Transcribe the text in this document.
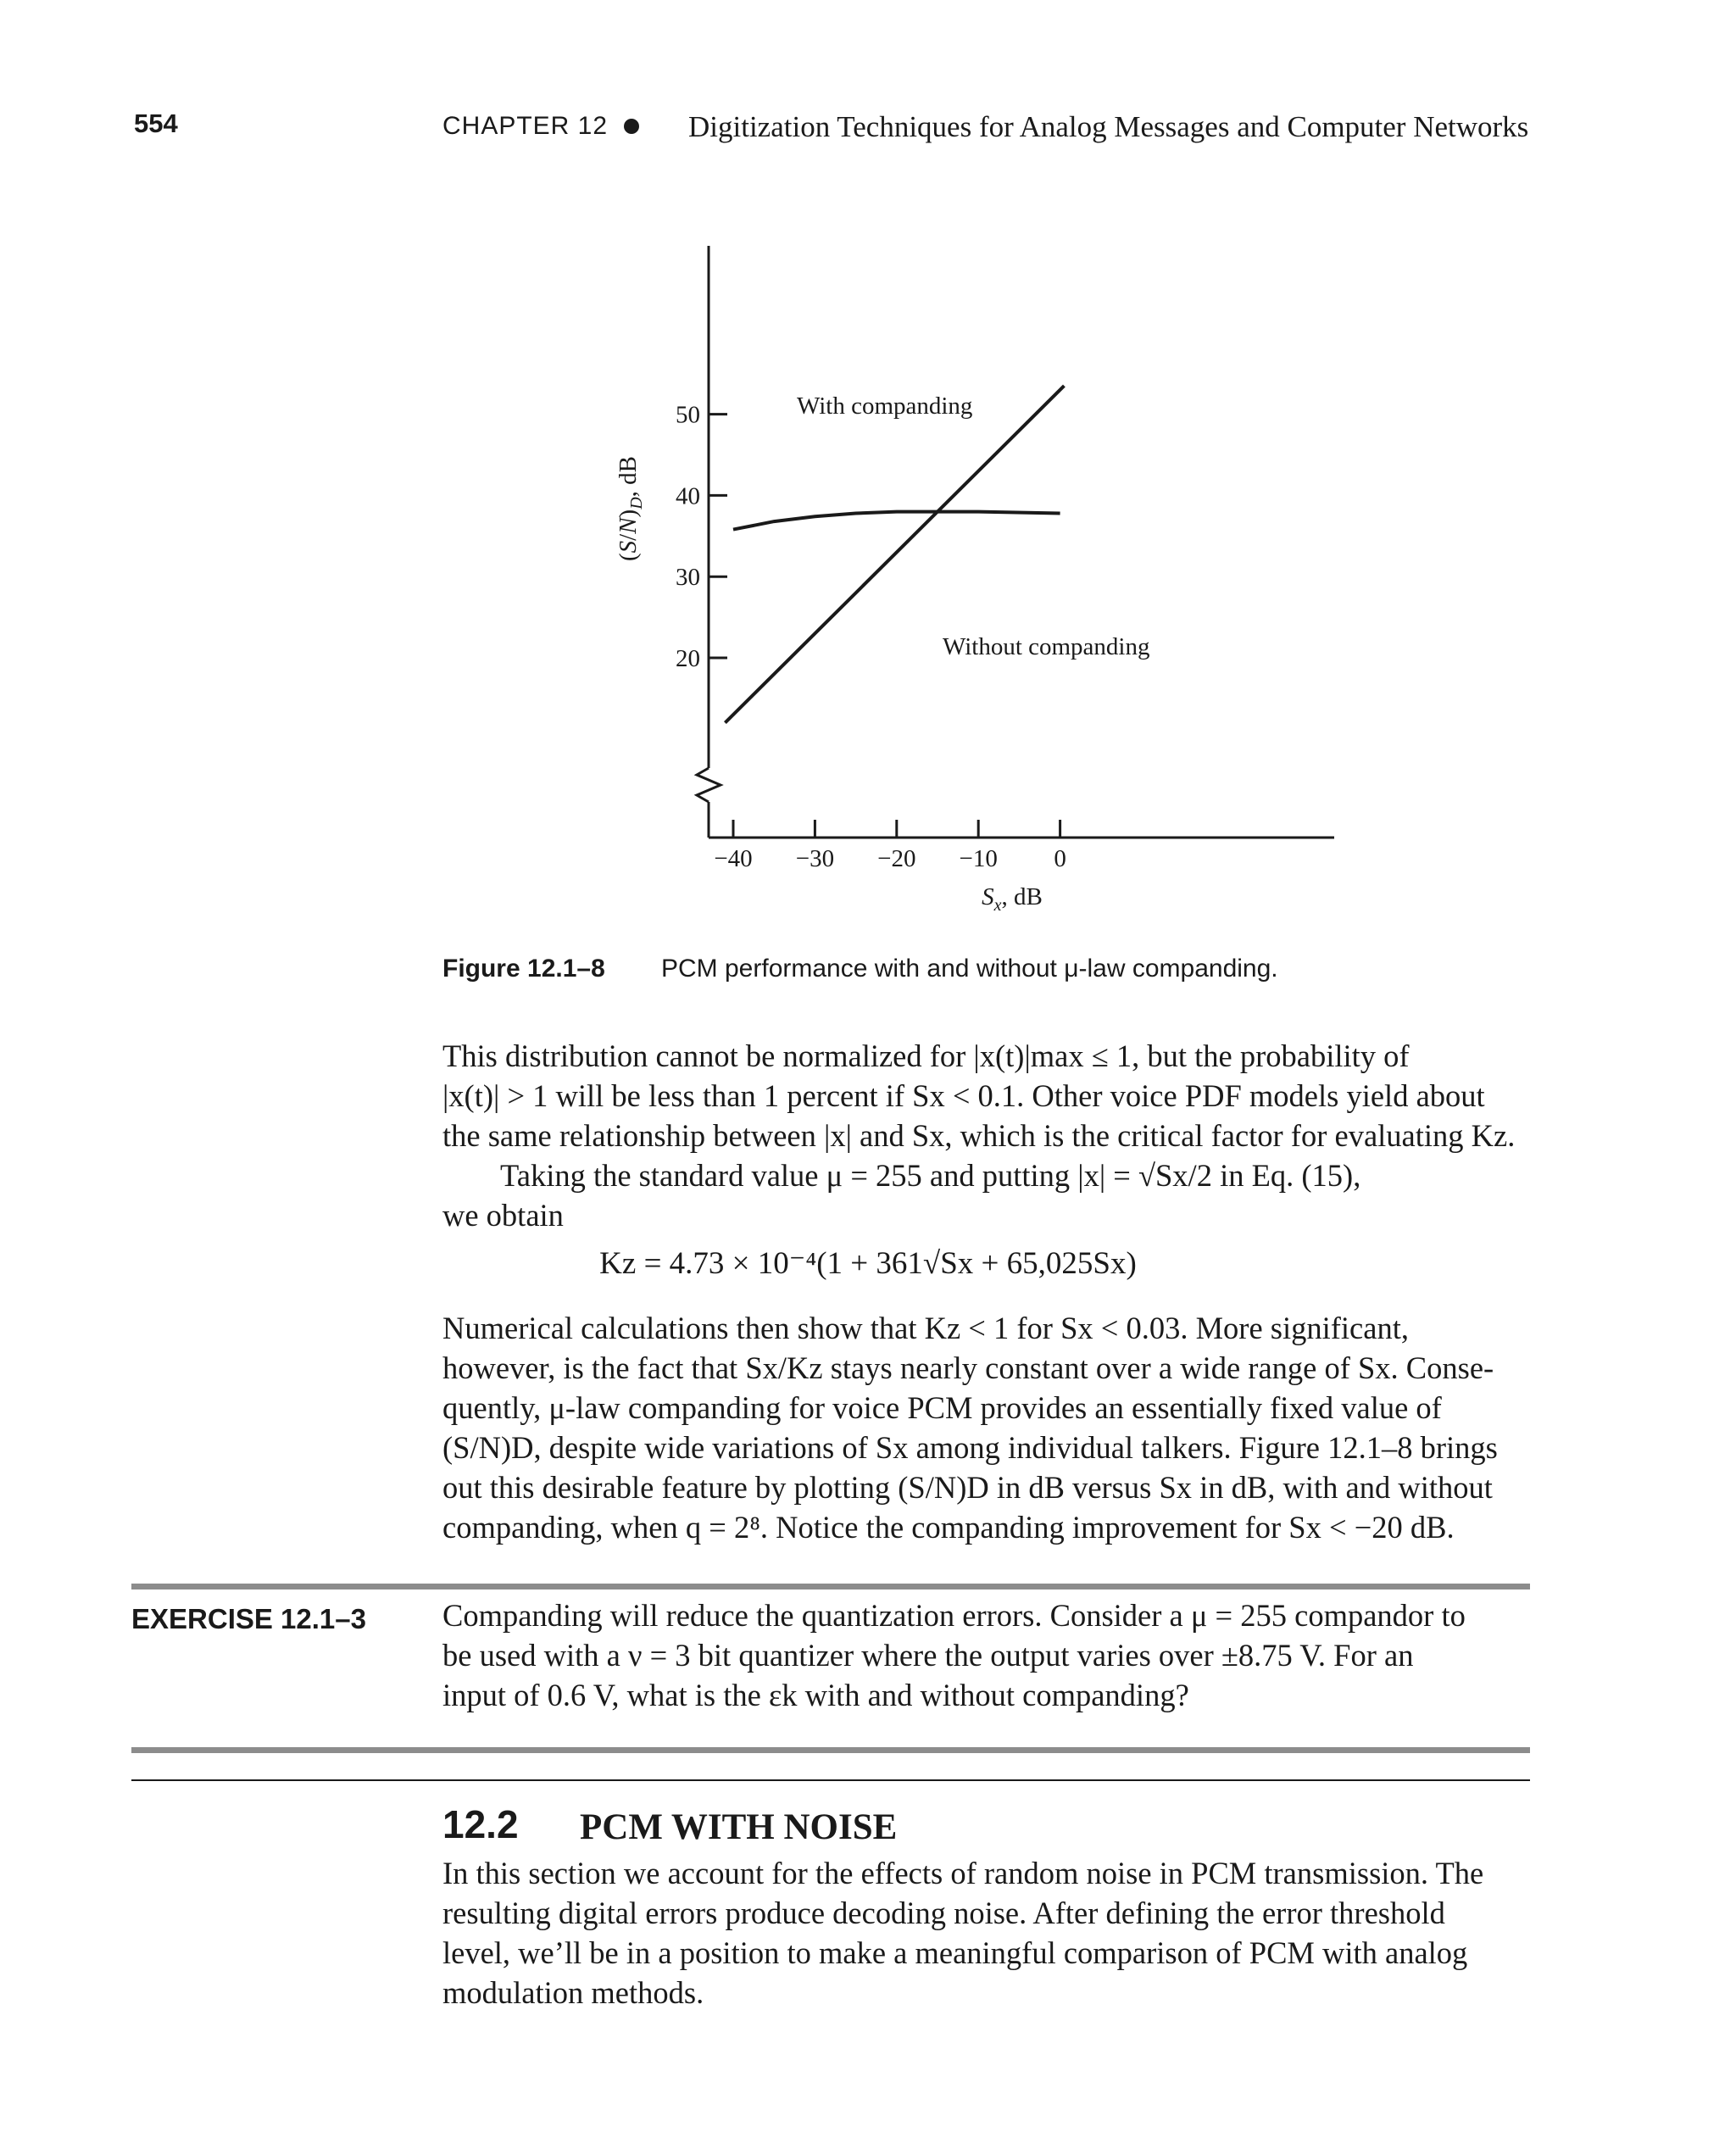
554	CHAPTER 12	Digitization Techniques for Analog Messages and Computer Networks
−40 −30 −20 −10 0
20
30
40
50
$S_x$, dB
$(S/N)_D$, dB
With companding
Without companding
Figure 12.1–8 PCM performance with and without μ-law companding.

This distribution cannot be normalized for |x(t)|max ≤ 1, but the probability of

|x(t)| > 1 will be less than 1 percent if Sx < 0.1. Other voice PDF models yield about

the same relationship between |x| and Sx, which is the critical factor for evaluating Kz.

Taking the standard value μ = 255 and putting |x| = √Sx/2 in Eq. (15),

we obtain

Kz = 4.73 × 10⁻⁴(1 + 361√Sx + 65,025Sx)

Numerical calculations then show that Kz < 1 for Sx < 0.03. More significant,

however, is the fact that Sx/Kz stays nearly constant over a wide range of Sx. Conse-

quently, μ-law companding for voice PCM provides an essentially fixed value of

(S/N)D, despite wide variations of Sx among individual talkers. Figure 12.1–8 brings

out this desirable feature by plotting (S/N)D in dB versus Sx in dB, with and without

companding, when q = 2⁸. Notice the companding improvement for Sx < −20 dB.

EXERCISE 12.1–3 Companding will reduce the quantization errors. Consider a μ = 255 compandor to

be used with a ν = 3 bit quantizer where the output varies over ±8.75 V. For an

input of 0.6 V, what is the εk with and without companding?

12.2 PCM WITH NOISE

In this section we account for the effects of random noise in PCM transmission. The

resulting digital errors produce decoding noise. After defining the error threshold

level, we’ll be in a position to make a meaningful comparison of PCM with analog

modulation methods.
